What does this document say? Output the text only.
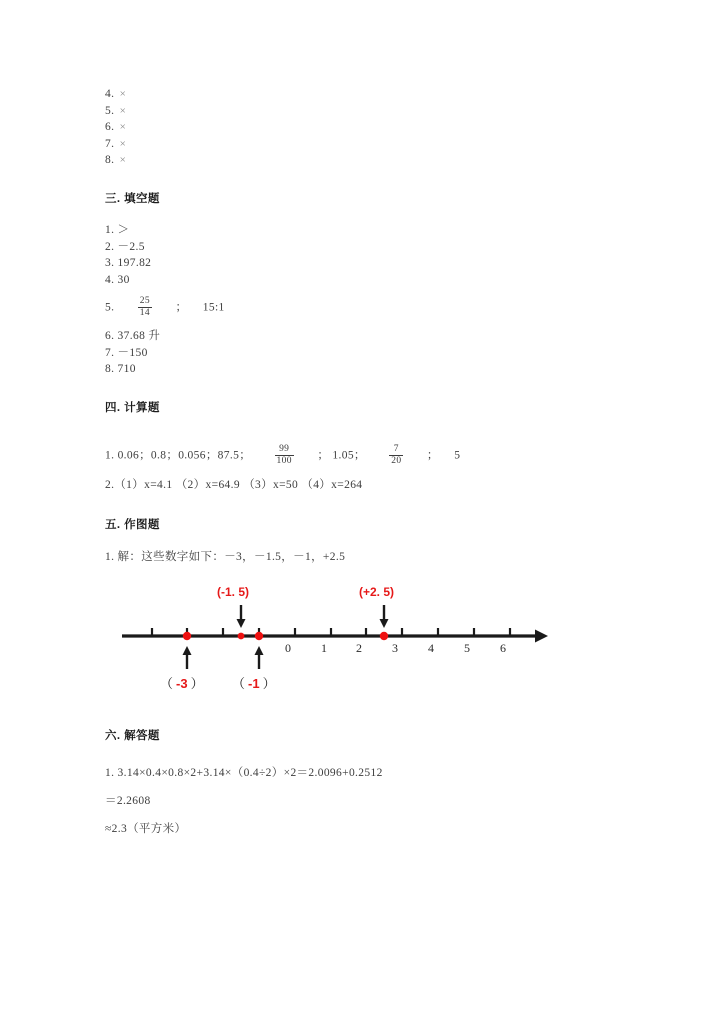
4. ×
5. ×
6. ×
7. ×
8. ×
三. 填空题
1. ＞
2. －2.5
3. 197.82
4. 30
5. $\frac{25}{14}$ ； 15:1
6. 37.68 升
7. －150
8. 710
四. 计算题
1. 0.06；0.8；0.056；87.5； $\frac{99}{100}$ ； 1.05； $\frac{7}{20}$ ； 5
2.（1）x=4.1 （2）x=64.9 （3）x=50 （4）x=264
五. 作图题
1. 解：这些数字如下：－3，－1.5，－1，+2.5
(-1. 5)	(+2. 5)
0	1	2	3	4	5	6
（ -3 ） （ -1 ）
六. 解答题
1. 3.14×0.4×0.8×2+3.14×（0.4÷2）×2＝2.0096+0.2512
＝2.2608
≈2.3（平方米）
